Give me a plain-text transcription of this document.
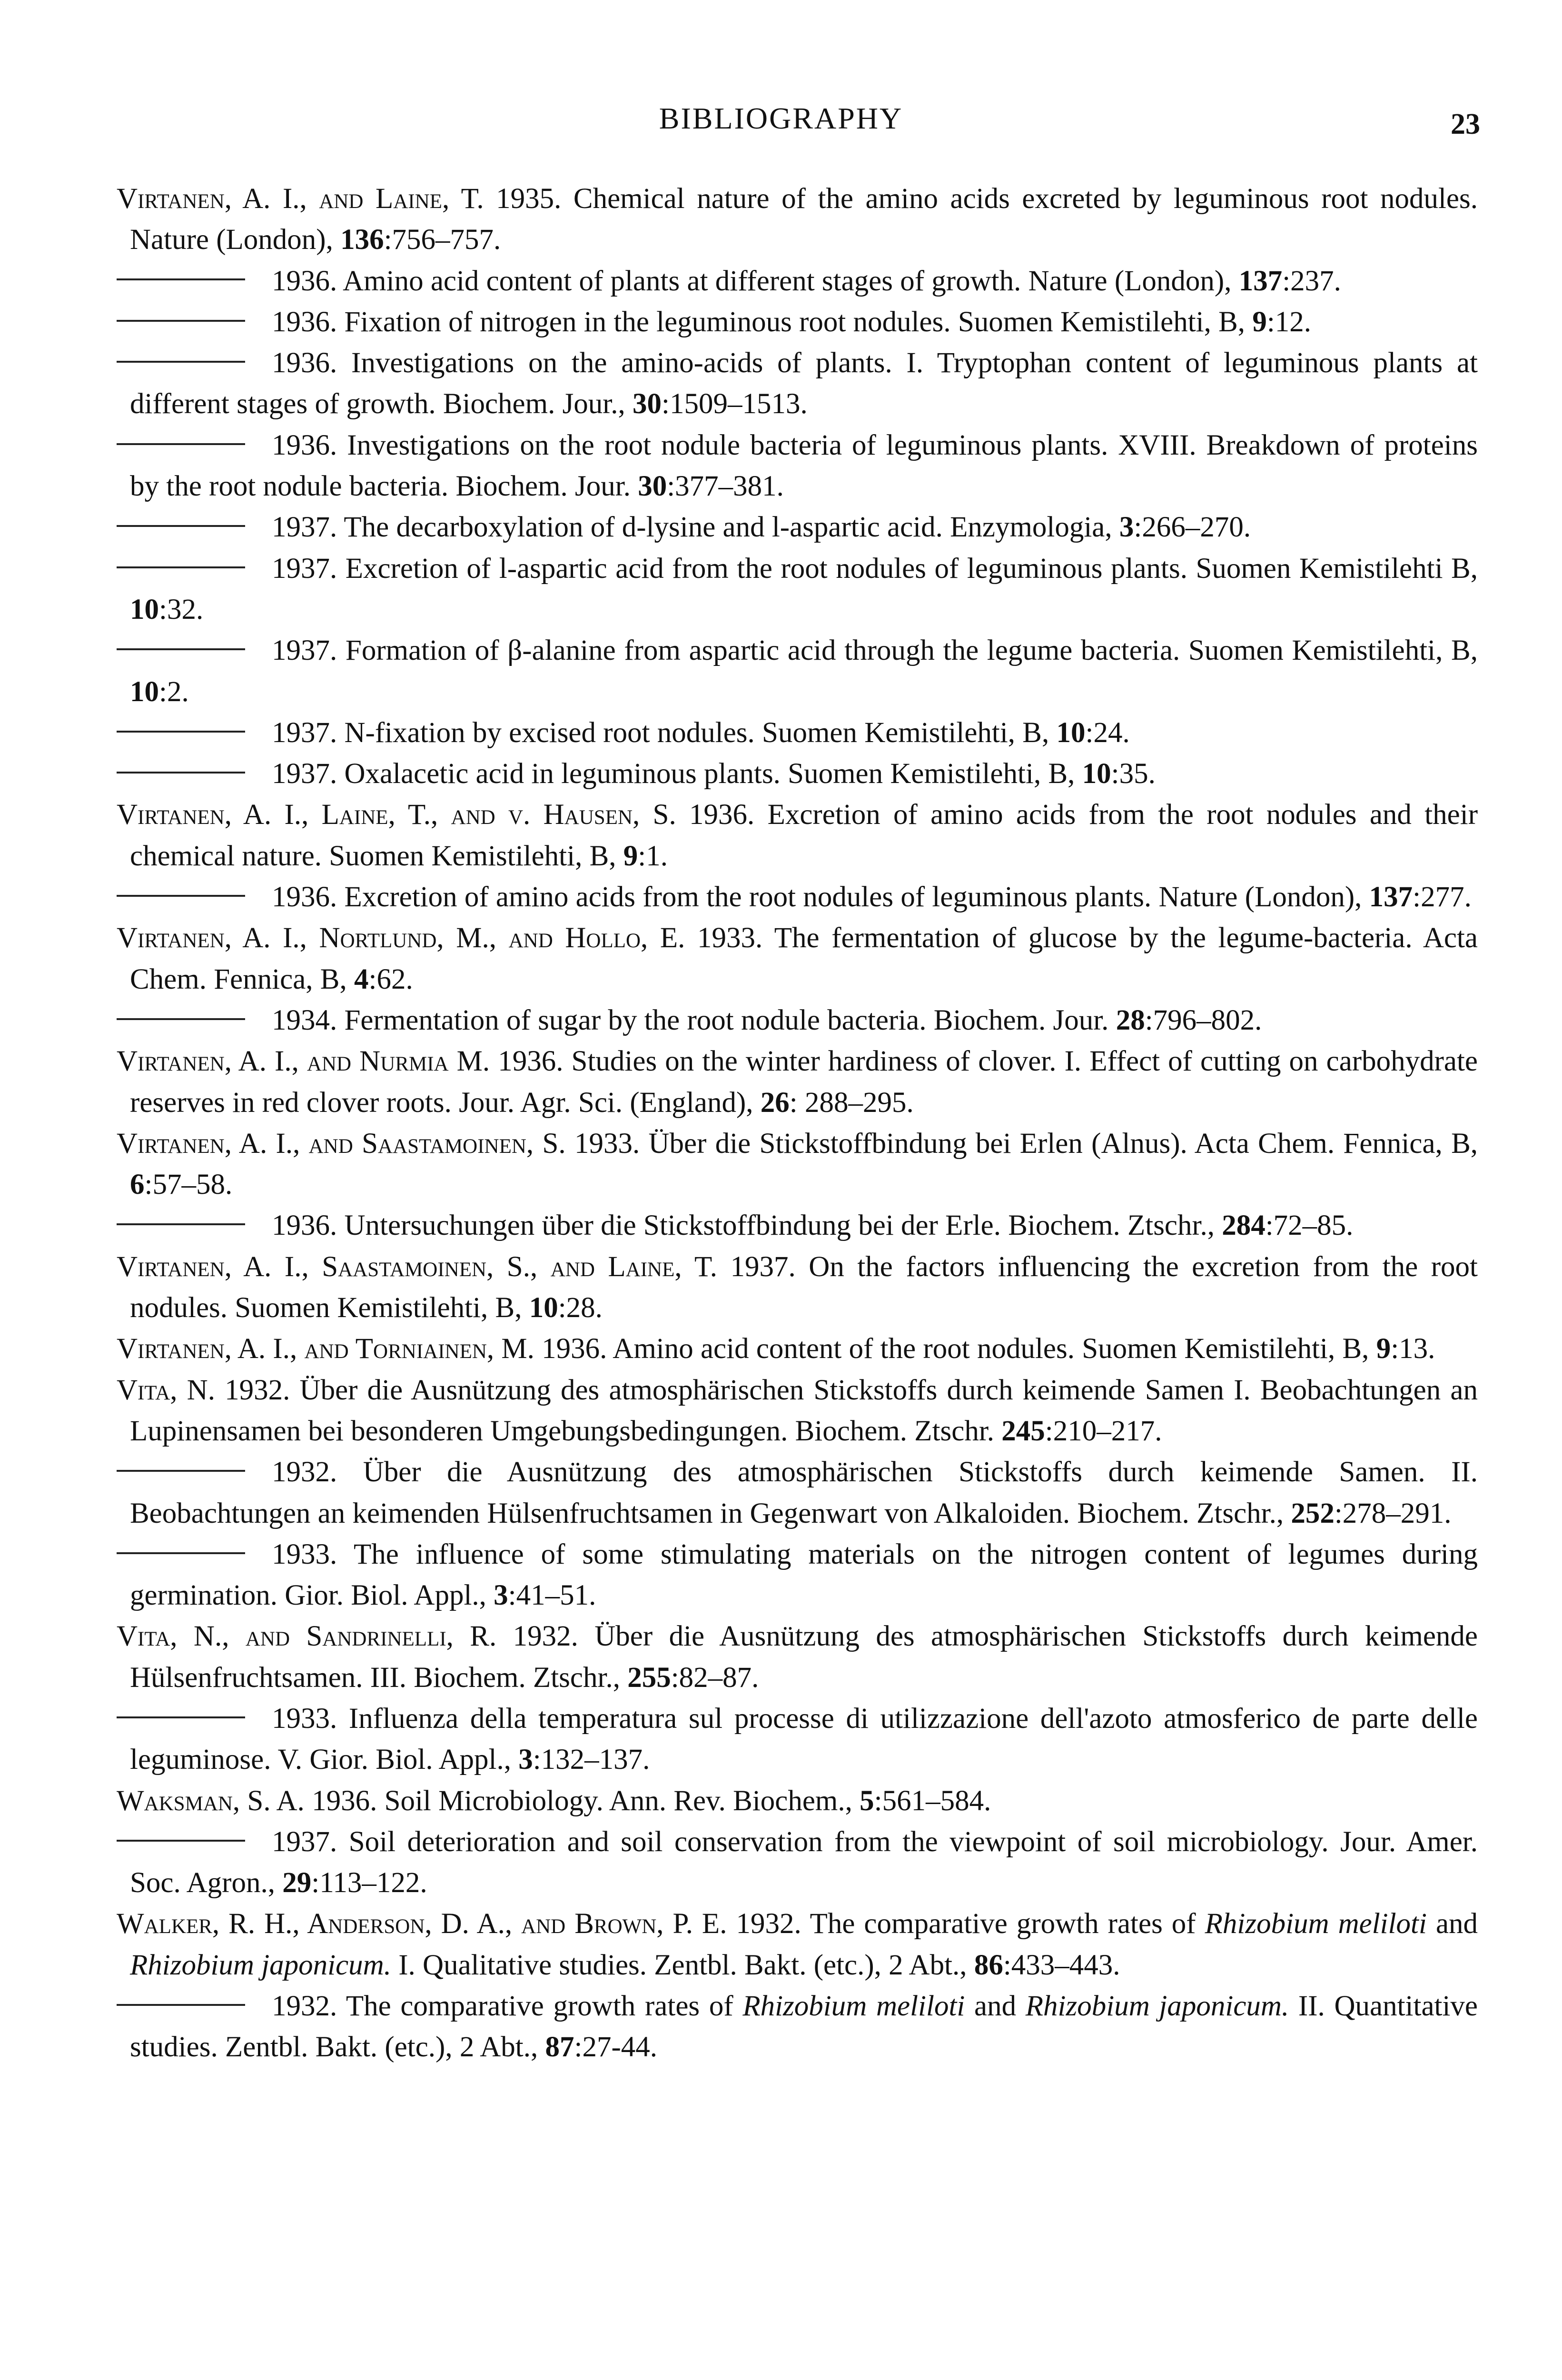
BIBLIOGRAPHY	23
Virtanen, A. I., and Laine, T. 1935. Chemical nature of the amino acids excreted by leguminous root nodules. Nature (London), 136:756–757.
1936. Amino acid content of plants at different stages of growth. Nature (London), 137:237.
1936. Fixation of nitrogen in the leguminous root nodules. Suomen Kemistilehti, B, 9:12.
1936. Investigations on the amino-acids of plants. I. Tryptophan content of leguminous plants at different stages of growth. Biochem. Jour., 30:1509–1513.
1936. Investigations on the root nodule bacteria of leguminous plants. XVIII. Breakdown of proteins by the root nodule bacteria. Biochem. Jour. 30:377–381.
1937. The decarboxylation of d-lysine and l-aspartic acid. Enzymologia, 3:266–270.
1937. Excretion of l-aspartic acid from the root nodules of leguminous plants. Suomen Kemistilehti B, 10:32.
1937. Formation of β-alanine from aspartic acid through the legume bacteria. Suomen Kemistilehti, B, 10:2.
1937. N-fixation by excised root nodules. Suomen Kemistilehti, B, 10:24.
1937. Oxalacetic acid in leguminous plants. Suomen Kemistilehti, B, 10:35.
Virtanen, A. I., Laine, T., and v. Hausen, S. 1936. Excretion of amino acids from the root nodules and their chemical nature. Suomen Kemistilehti, B, 9:1.
1936. Excretion of amino acids from the root nodules of leguminous plants. Nature (London), 137:277.
Virtanen, A. I., Nortlund, M., and Hollo, E. 1933. The fermentation of glucose by the legume-bacteria. Acta Chem. Fennica, B, 4:62.
1934. Fermentation of sugar by the root nodule bacteria. Biochem. Jour. 28:796–802.
Virtanen, A. I., and Nurmia M. 1936. Studies on the winter hardiness of clover. I. Effect of cutting on carbohydrate reserves in red clover roots. Jour. Agr. Sci. (England), 26: 288–295.
Virtanen, A. I., and Saastamoinen, S. 1933. Über die Stickstoffbindung bei Erlen (Alnus). Acta Chem. Fennica, B, 6:57–58.
1936. Untersuchungen über die Stickstoffbindung bei der Erle. Biochem. Ztschr., 284:72–85.
Virtanen, A. I., Saastamoinen, S., and Laine, T. 1937. On the factors influencing the excretion from the root nodules. Suomen Kemistilehti, B, 10:28.
Virtanen, A. I., and Torniainen, M. 1936. Amino acid content of the root nodules. Suomen Kemistilehti, B, 9:13.
Vita, N. 1932. Über die Ausnützung des atmosphärischen Stickstoffs durch keimende Samen I. Beobachtungen an Lupinensamen bei besonderen Umgebungsbedingungen. Biochem. Ztschr. 245:210–217.
1932. Über die Ausnützung des atmosphärischen Stickstoffs durch keimende Samen. II. Beobachtungen an keimenden Hülsenfruchtsamen in Gegenwart von Alkaloiden. Biochem. Ztschr., 252:278–291.
1933. The influence of some stimulating materials on the nitrogen content of legumes during germination. Gior. Biol. Appl., 3:41–51.
Vita, N., and Sandrinelli, R. 1932. Über die Ausnützung des atmosphärischen Stickstoffs durch keimende Hülsenfruchtsamen. III. Biochem. Ztschr., 255:82–87.
1933. Influenza della temperatura sul processe di utilizzazione dell'azoto atmosferico de parte delle leguminose. V. Gior. Biol. Appl., 3:132–137.
Waksman, S. A. 1936. Soil Microbiology. Ann. Rev. Biochem., 5:561–584.
1937. Soil deterioration and soil conservation from the viewpoint of soil microbiology. Jour. Amer. Soc. Agron., 29:113–122.
Walker, R. H., Anderson, D. A., and Brown, P. E. 1932. The comparative growth rates of Rhizobium meliloti and Rhizobium japonicum. I. Qualitative studies. Zentbl. Bakt. (etc.), 2 Abt., 86:433–443.
1932. The comparative growth rates of Rhizobium meliloti and Rhizobium japonicum. II. Quantitative studies. Zentbl. Bakt. (etc.), 2 Abt., 87:27-44.
